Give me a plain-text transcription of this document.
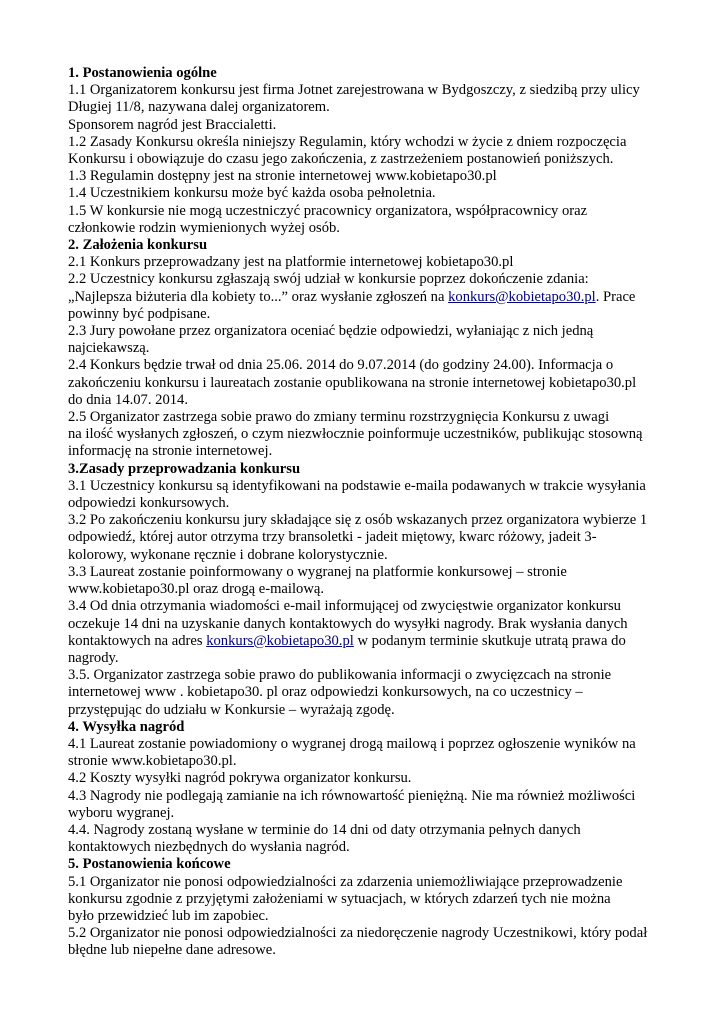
1. Postanowienia ogólne
1.1 Organizatorem konkursu jest firma Jotnet zarejestrowana w Bydgoszczy, z siedzibą przy ulicy
Długiej 11/8, nazywana dalej organizatorem.
Sponsorem nagród jest Braccialetti.
1.2 Zasady Konkursu określa niniejszy Regulamin, który wchodzi w życie z dniem rozpoczęcia
Konkursu i obowiązuje do czasu jego zakończenia, z zastrzeżeniem postanowień poniższych.
1.3 Regulamin dostępny jest na stronie internetowej www.kobietapo30.pl
1.4 Uczestnikiem konkursu może być każda osoba pełnoletnia.
1.5 W konkursie nie mogą uczestniczyć pracownicy organizatora, współpracownicy oraz
członkowie rodzin wymienionych wyżej osób.
2. Założenia konkursu
2.1 Konkurs przeprowadzany jest na platformie internetowej kobietapo30.pl
2.2 Uczestnicy konkursu zgłaszają swój udział w konkursie poprzez dokończenie zdania:
„Najlepsza biżuteria dla kobiety to...” oraz wysłanie zgłoszeń na konkurs@kobietapo30.pl. Prace
powinny być podpisane.
2.3 Jury powołane przez organizatora oceniać będzie odpowiedzi, wyłaniając z nich jedną
najciekawszą.
2.4 Konkurs będzie trwał od dnia 25.06. 2014 do 9.07.2014 (do godziny 24.00). Informacja o
zakończeniu konkursu i laureatach zostanie opublikowana na stronie internetowej kobietapo30.pl
do dnia 14.07. 2014.
2.5 Organizator zastrzega sobie prawo do zmiany terminu rozstrzygnięcia Konkursu z uwagi
na ilość wysłanych zgłoszeń, o czym niezwłocznie poinformuje uczestników, publikując stosowną
informację na stronie internetowej.
3.Zasady przeprowadzania konkursu
3.1 Uczestnicy konkursu są identyfikowani na podstawie e-maila podawanych w trakcie wysyłania
odpowiedzi konkursowych.
3.2 Po zakończeniu konkursu jury składające się z osób wskazanych przez organizatora wybierze 1
odpowiedź, której autor otrzyma trzy bransoletki - jadeit miętowy, kwarc różowy, jadeit 3-
kolorowy, wykonane ręcznie i dobrane kolorystycznie.
3.3 Laureat zostanie poinformowany o wygranej na platformie konkursowej – stronie
www.kobietapo30.pl oraz drogą e-mailową.
3.4 Od dnia otrzymania wiadomości e-mail informującej od zwycięstwie organizator konkursu
oczekuje 14 dni na uzyskanie danych kontaktowych do wysyłki nagrody. Brak wysłania danych
kontaktowych na adres konkurs@kobietapo30.pl w podanym terminie skutkuje utratą prawa do
nagrody.
3.5. Organizator zastrzega sobie prawo do publikowania informacji o zwycięzcach na stronie
internetowej www . kobietapo30. pl oraz odpowiedzi konkursowych, na co uczestnicy –
przystępując do udziału w Konkursie – wyrażają zgodę.
4. Wysyłka nagród
4.1 Laureat zostanie powiadomiony o wygranej drogą mailową i poprzez ogłoszenie wyników na
stronie www.kobietapo30.pl.
4.2 Koszty wysyłki nagród pokrywa organizator konkursu.
4.3 Nagrody nie podlegają zamianie na ich równowartość pieniężną. Nie ma również możliwości
wyboru wygranej.
4.4. Nagrody zostaną wysłane w terminie do 14 dni od daty otrzymania pełnych danych
kontaktowych niezbędnych do wysłania nagród.
5. Postanowienia końcowe
5.1 Organizator nie ponosi odpowiedzialności za zdarzenia uniemożliwiające przeprowadzenie
konkursu zgodnie z przyjętymi założeniami w sytuacjach, w których zdarzeń tych nie można
było przewidzieć lub im zapobiec.
5.2 Organizator nie ponosi odpowiedzialności za niedoręczenie nagrody Uczestnikowi, który podał
błędne lub niepełne dane adresowe.
